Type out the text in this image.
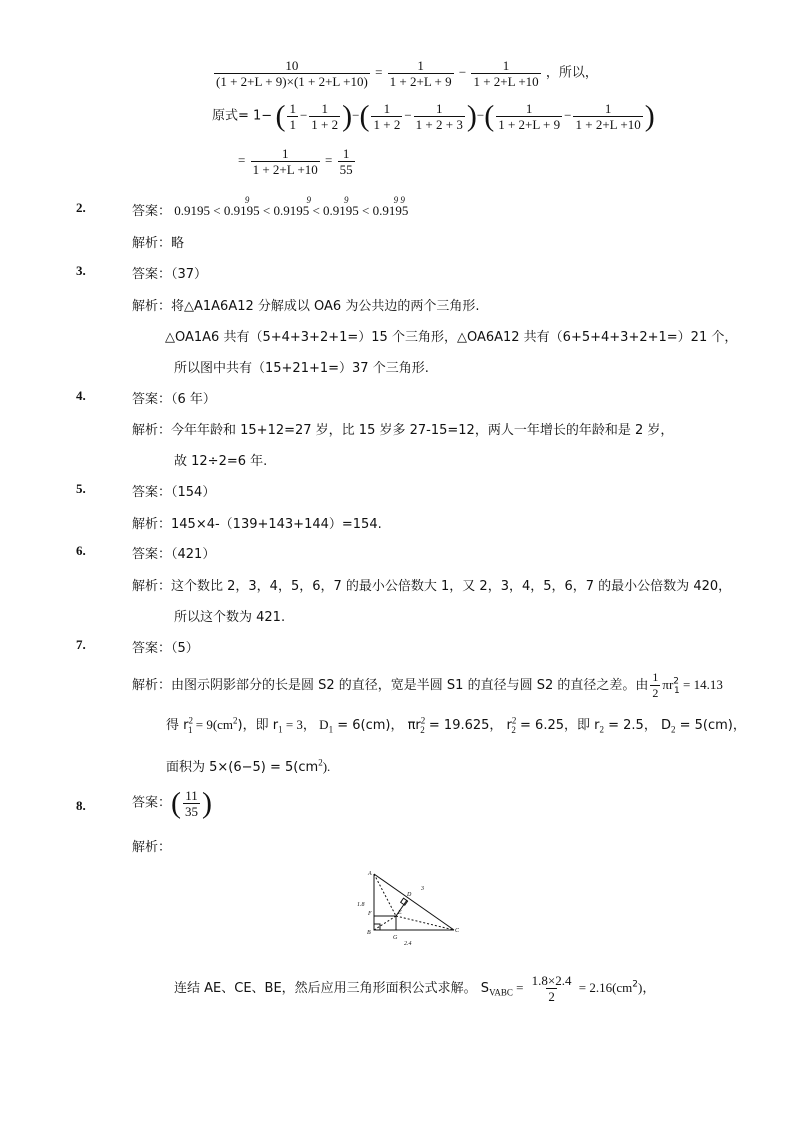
$\frac{10}{(1 + 2+L + 9)\times(1 + 2+L +10)} = \frac{1}{1 + 2+L + 9} - \frac{1}{1 + 2+L +10}$ ，所以，
原式= 1− ( $\frac{1}{1} - \frac{1}{1 + 2}$ )−( $\frac{1}{1 + 2} - \frac{1}{1 + 2 + 3}$ )−( $\frac{1}{1 + 2+L + 9} - \frac{1}{1 + 2+L +10}$ )
= $\frac{1}{1 + 2+L +10} = \frac{1}{55}$
2.	答案： 0.9195 < 0.9195
9
< 0.9195
9
< 0.9195
9
< 0.9195
9 9
解析：略
3.	答案：（37）
解析：将△A1A6A12 分解成以 OA6 为公共边的两个三角形.
△OA1A6 共有（5+4+3+2+1=）15 个三角形，△OA6A12 共有（6+5+4+3+2+1=）21 个，
所以图中共有（15+21+1=）37 个三角形.
4.	答案：（6 年）
解析：今年年龄和 15+12=27 岁，比 15 岁多 27-15=12，两人一年增长的年龄和是 2 岁，
故 12÷2=6 年.
5.	答案：（154）
解析：145×4-（139+143+144）=154.
6.	答案：（421）
解析：这个数比 2，3，4，5，6，7 的最小公倍数大 1，又 2，3，4，5，6，7 的最小公倍数为 420，
所以这个数为 421.
7.	答案：（5）
解析：由图示阴影部分的长是圆 S2 的直径，宽是半圆 S1 的直径与圆 S2 的直径之差。由 $\frac{1}{2} \pi r^2_1 = 14.13$
得 $r^2_1 = 9(cm^2)$，即 $r_1 = 3$， $D_1 = 6(cm)$， $\pi r^2_2 = 19.625$， $r^2_2 = 6.25$，即 $r_2 = 2.5$， $D_2 = 5(cm)$，
面积为 $5\times(6-5) = 5(cm^2)$.
8.	答案：( $\frac{11}{35}$ )
解析：
A
B	C
D
E
F
G
1.8
2.4
3
连结 AE、CE、BE，然后应用三角形面积公式求解。 $S_{VABC} = \frac{1.8\times 2.4}{2} = 2.16(cm^2)$，
